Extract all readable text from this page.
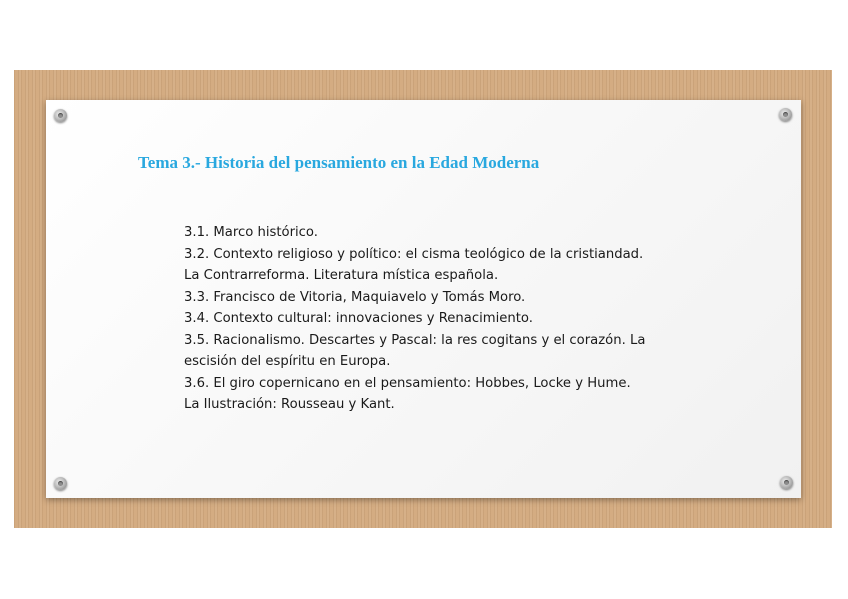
Tema 3.- Historia del pensamiento en la Edad Moderna
3.1. Marco histórico.
3.2. Contexto religioso y político: el cisma teológico de la cristiandad.
La Contrarreforma. Literatura mística española.
3.3. Francisco de Vitoria, Maquiavelo y Tomás Moro.
3.4. Contexto cultural: innovaciones y Renacimiento.
3.5. Racionalismo. Descartes y Pascal: la res cogitans y el corazón. La
escisión del espíritu en Europa.
3.6. El giro copernicano en el pensamiento: Hobbes, Locke y Hume.
La Ilustración: Rousseau y Kant.
